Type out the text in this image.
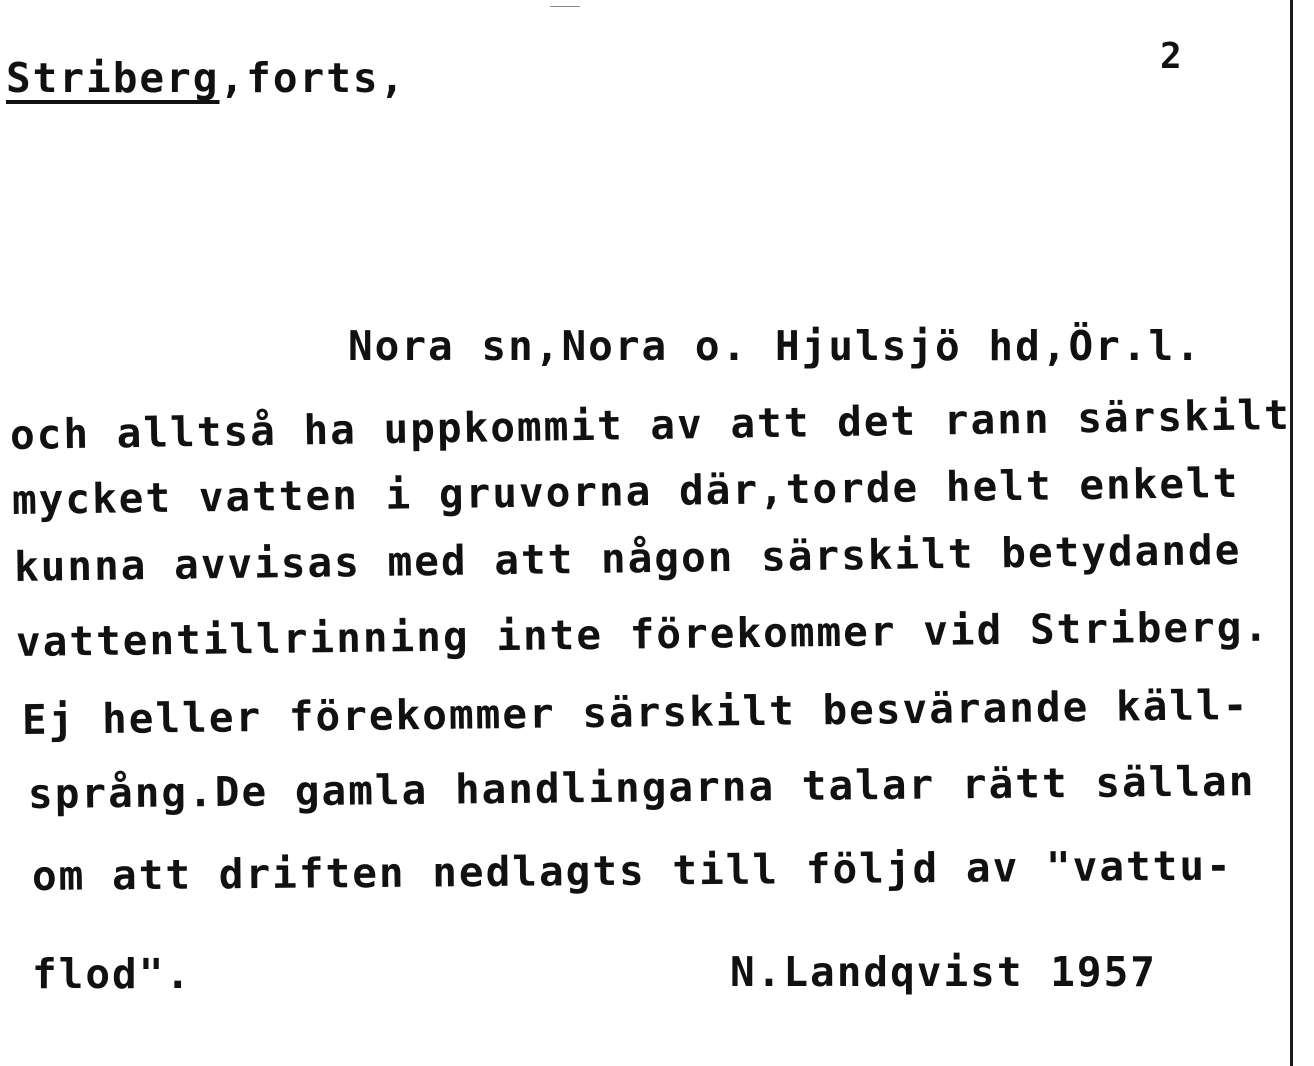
Striberg,forts,	2
Nora sn,Nora o. Hjulsjö hd,Ör.l.
och alltså ha uppkommit av att det rann särskilt
mycket vatten i gruvorna där,torde helt enkelt
kunna avvisas med att någon särskilt betydande
vattentillrinning inte förekommer vid Striberg.
Ej heller förekommer särskilt besvärande käll-
språng.De gamla handlingarna talar rätt sällan
om att driften nedlagts till följd av "vattu-
flod".	N.Landqvist 1957
